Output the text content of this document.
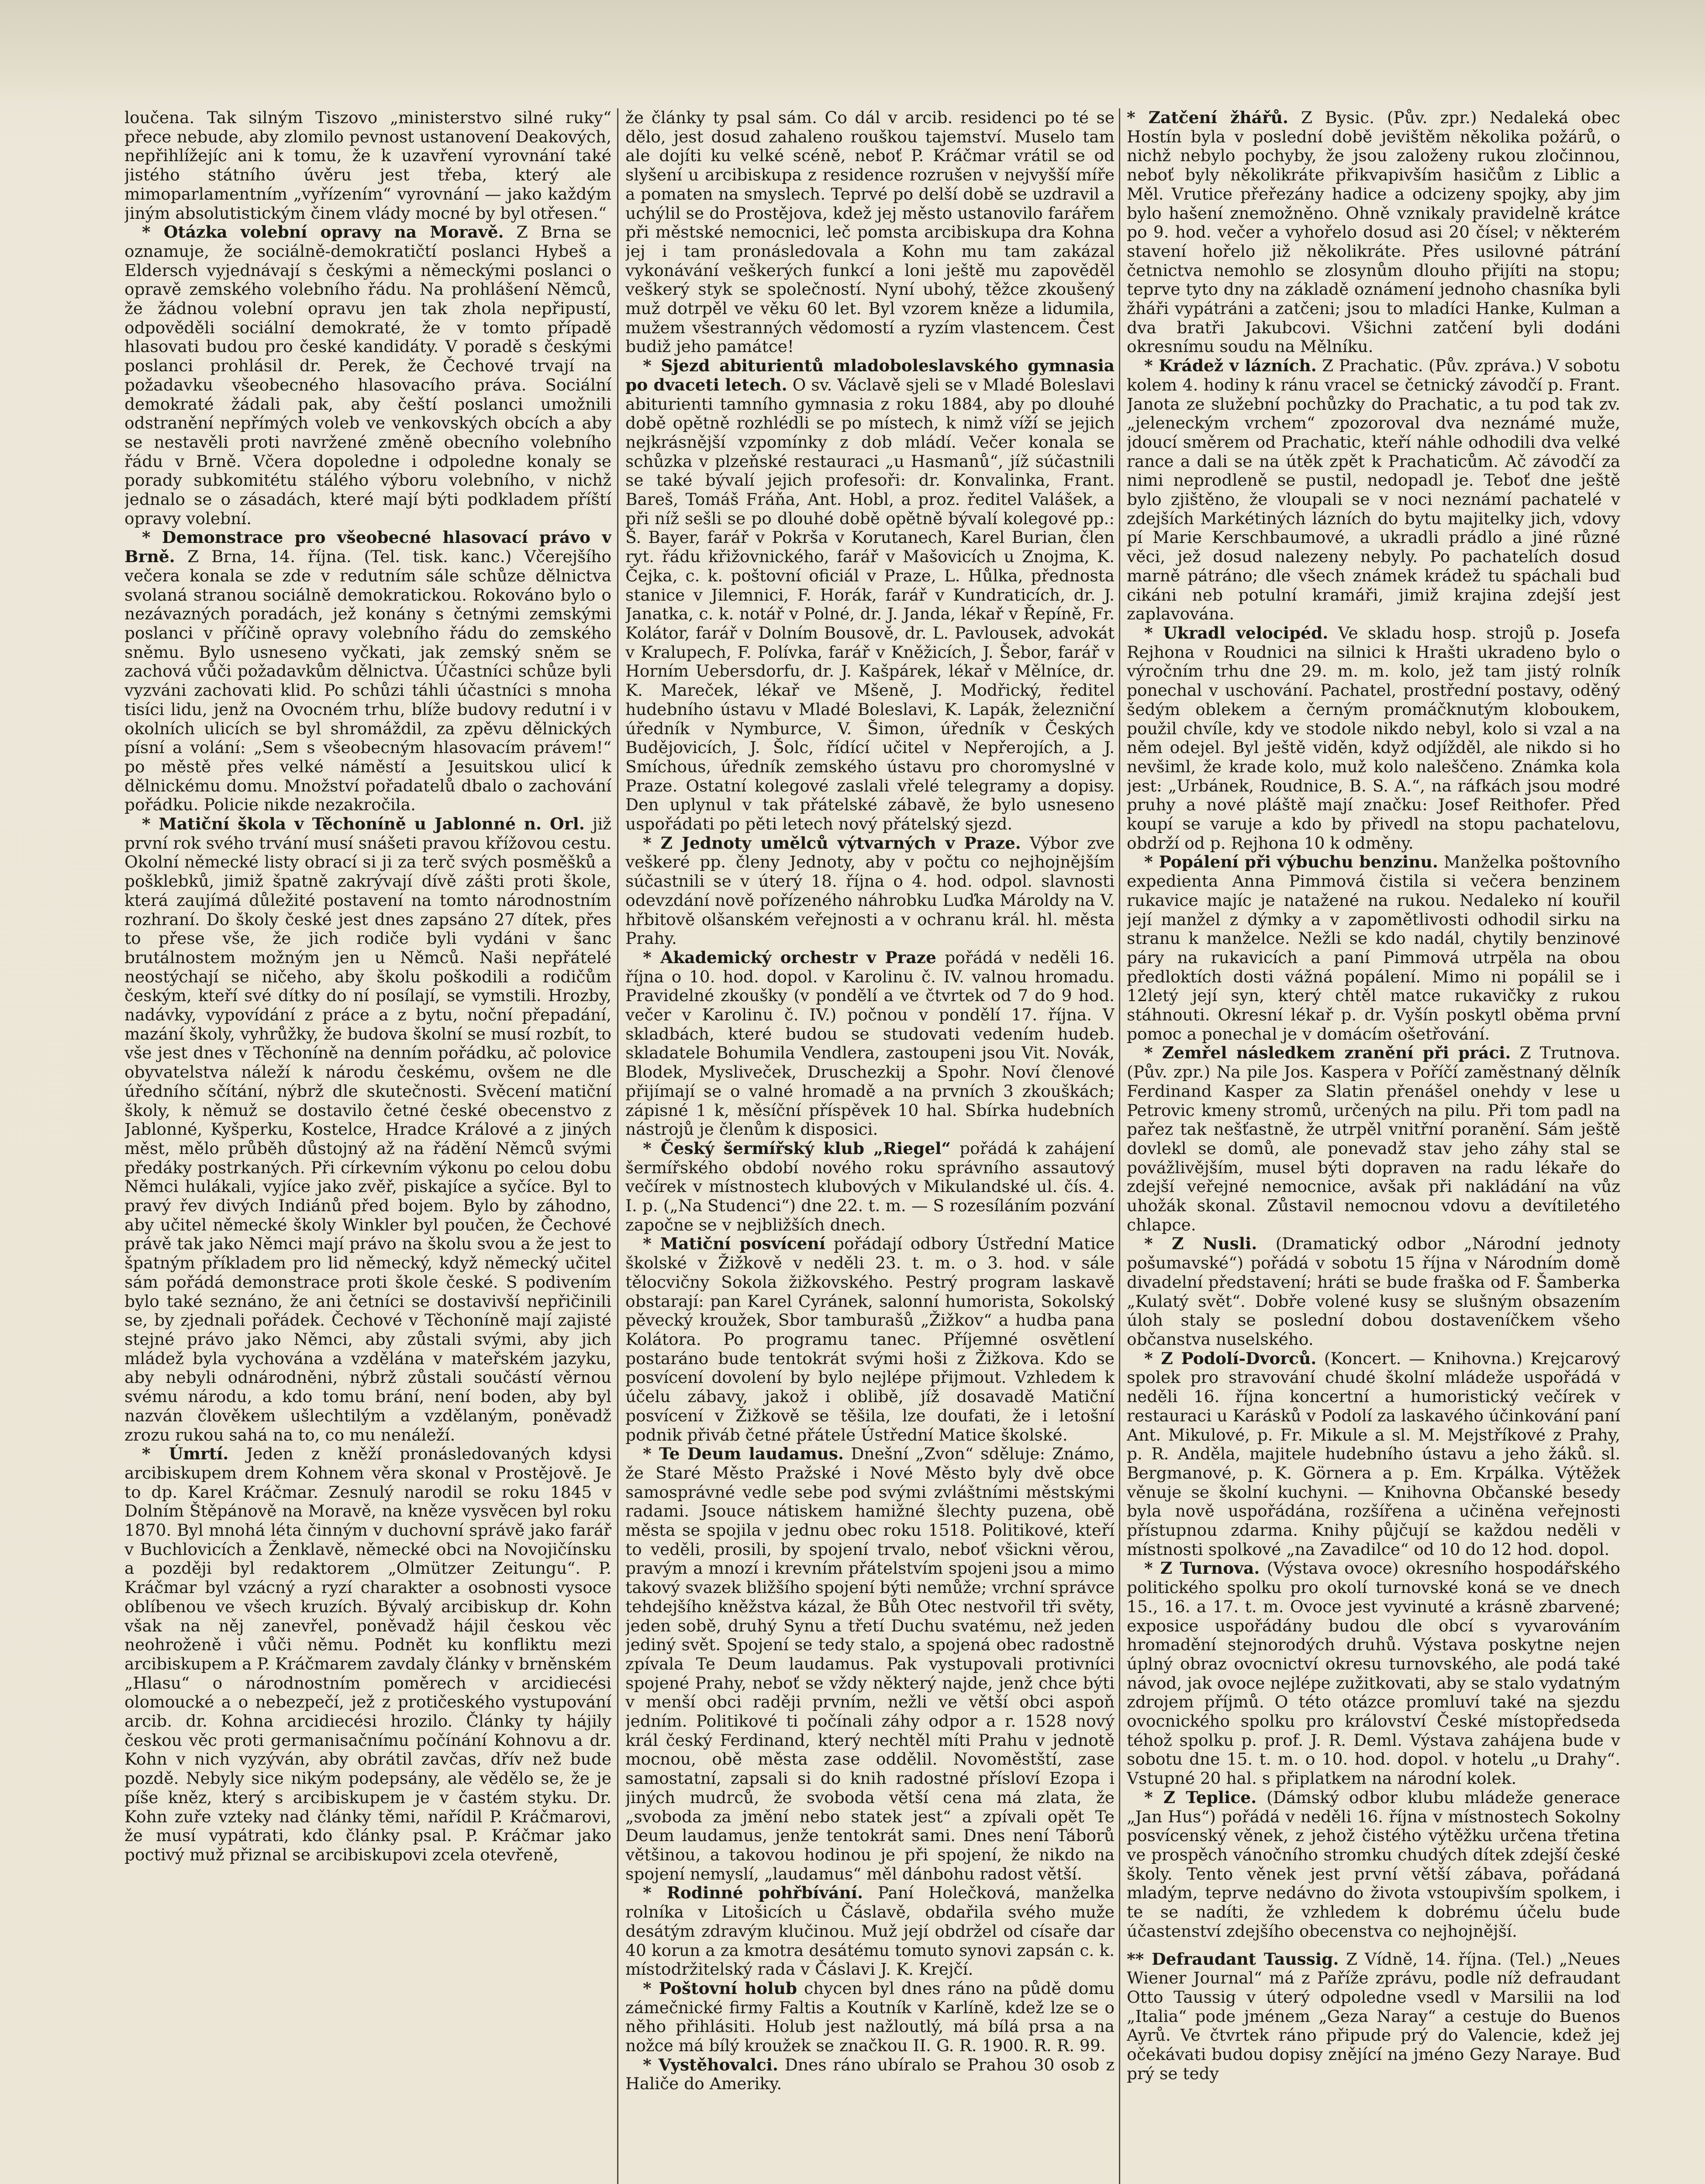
loučena. Tak silným Tiszovo „ministerstvo silné ruky“ přece nebude, aby zlomilo pevnost ustanovení Deakových, nepřihlížejíc ani k tomu, že k uzavření vyrovnání také jistého státního úvěru jest třeba, který ale mimoparlamentním „vyřízením“ vyrovnání — jako každým jiným absolutistickým činem vlády mocné by byl otřesen.“

* Otázka volební opravy na Moravě. Z Brna se oznamuje, že sociálně-demokratičtí poslanci Hybeš a Eldersch vyjednávají s českými a německými poslanci o opravě zemského volebního řádu. Na prohlášení Němců, že žádnou volební opravu jen tak zhola nepřipustí, odpověděli sociální demokraté, že v tomto případě hlasovati budou pro české kandidáty. V poradě s českými poslanci prohlásil dr. Perek, že Čechové trvají na požadavku všeobecného hlasovacího práva. Sociální demokraté žádali pak, aby čeští poslanci umožnili odstranění nepřímých voleb ve venkovských obcích a aby se nestavěli proti navržené změně obecního volebního řádu v Brně. Včera dopoledne i odpoledne konaly se porady subkomitétu stálého výboru volebního, v nichž jednalo se o zásadách, které mají býti podkladem příští opravy volební.

* Demonstrace pro všeobecné hlasovací právo v Brně. Z Brna, 14. října. (Tel. tisk. kanc.) Včerejšího večera konala se zde v redutním sále schůze dělnictva svolaná stranou sociálně demokratickou. Rokováno bylo o nezávazných poradách, jež konány s četnými zemskými poslanci v příčině opravy volebního řádu do zemského sněmu. Bylo usneseno vyčkati, jak zemský sněm se zachová vůči požadavkům dělnictva. Účastníci schůze byli vyzváni zachovati klid. Po schůzi táhli účastníci s mnoha tisíci lidu, jenž na Ovocném trhu, blíže budovy redutní i v okolních ulicích se byl shromáždil, za zpěvu dělnických písní a volání: „Sem s všeobecným hlasovacím právem!“ po městě přes velké náměstí a Jesuitskou ulicí k dělnickému domu. Množství pořadatelů dbalo o zachování pořádku. Policie nikde nezakročila.

* Matiční škola v Těchoníně u Jablonné n. Orl. již první rok svého trvání musí snášeti pravou křížovou cestu. Okolní německé listy obrací si ji za terč svých posměšků a pošklebků, jimiž špatně zakrývají dívě zášti proti škole, která zaujímá důležité postavení na tomto národnostním rozhraní. Do školy české jest dnes zapsáno 27 dítek, přes to přese vše, že jich rodiče byli vydáni v šanc brutálnostem možným jen u Němců. Naši nepřátelé neostýchají se ničeho, aby školu poškodili a rodičům českým, kteří své dítky do ní posílají, se vymstili. Hrozby, nadávky, vypovídání z práce a z bytu, noční přepadání, mazání školy, vyhrůžky, že budova školní se musí rozbít, to vše jest dnes v Těchoníně na denním pořádku, ač polovice obyvatelstva náleží k národu českému, ovšem ne dle úředního sčítání, nýbrž dle skutečnosti. Svěcení matiční školy, k němuž se dostavilo četné české obecenstvo z Jablonné, Kyšperku, Kostelce, Hradce Králové a z jiných měst, mělo průběh důstojný až na řádění Němců svými předáky postrkaných. Při církevním výkonu po celou dobu Němci hulákali, vyjíce jako zvěř, piskajíce a syčíce. Byl to pravý řev divých Indiánů před bojem. Bylo by záhodno, aby učitel německé školy Winkler byl poučen, že Čechové právě tak jako Němci mají právo na školu svou a že jest to špatným příkladem pro lid německý, když německý učitel sám pořádá demonstrace proti škole české. S podivením bylo také seznáno, že ani četníci se dostavivší nepřičinili se, by zjednali pořádek. Čechové v Těchoníně mají zajisté stejné právo jako Němci, aby zůstali svými, aby jich mládež byla vychována a vzdělána v mateřském jazyku, aby nebyli odnárodněni, nýbrž zůstali součástí věrnou svému národu, a kdo tomu brání, není boden, aby byl nazván člověkem ušlechtilým a vzdělaným, poněvadž zrozu rukou sahá na to, co mu nenáleží.

* Úmrtí. Jeden z kněží pronásledovaných kdysi arcibiskupem drem Kohnem věra skonal v Prostějově. Je to dp. Karel Kráčmar. Zesnulý narodil se roku 1845 v Dolním Štěpánově na Moravě, na kněze vysvěcen byl roku 1870. Byl mnohá léta činným v duchovní správě jako farář v Buchlovicích a Ženklavě, německé obci na Novojičínsku a později byl redaktorem „Olmützer Zeitungu“. P. Kráčmar byl vzácný a ryzí charakter a osobnosti vysoce oblíbenou ve všech kruzích. Bývalý arcibiskup dr. Kohn však na něj zanevřel, poněvadž hájil českou věc neohroženě i vůči němu. Podnět ku konfliktu mezi arcibiskupem a P. Kráčmarem zavdaly články v brněnském „Hlasu“ o národnostním poměrech v arcidiecési olomoucké a o nebezpečí, jež z protičeského vystupování arcib. dr. Kohna arcidiecési hrozilo. Články ty hájily českou věc proti germanisačnímu počínání Kohnovu a dr. Kohn v nich vyzýván, aby obrátil zavčas, dřív než bude pozdě. Nebyly sice nikým podepsány, ale vědělo se, že je píše kněz, který s arcibiskupem je v častém styku. Dr. Kohn zuře vzteky nad články těmi, nařídil P. Kráčmarovi, že musí vypátrati, kdo články psal. P. Kráčmar jako poctivý muž přiznal se arcibiskupovi zcela otevřeně,

že články ty psal sám. Co dál v arcib. residenci po té se dělo, jest dosud zahaleno rouškou tajemství. Muselo tam ale dojíti ku velké scéně, neboť P. Kráčmar vrátil se od slyšení u arcibiskupa z residence rozrušen v nejvyšší míře a pomaten na smyslech. Teprvé po delší době se uzdravil a uchýlil se do Prostějova, kdež jej město ustanovilo farářem při městské nemocnici, leč pomsta arcibiskupa drа Kohna jej i tam pronásledovala a Kohn mu tam zakázal vykonávání veškerých funkcí a loni ještě mu zapověděl veškerý styk se společností. Nyní ubohý, těžce zkoušený muž dotrpěl ve věku 60 let. Byl vzorem kněze a lidumila, mužem všestranných vědomostí a ryzím vlastencem. Čest budiž jeho památce!

* Sjezd abiturientů mladoboleslavského gymnasia po dvaceti letech. O sv. Václavě sjeli se v Mladé Boleslavi abiturienti tamního gymnasia z roku 1884, aby po dlouhé době opětně rozhlédli se po místech, k nimž víží se jejich nejkrásnější vzpomínky z dob mládí. Večer konala se schůzka v plzeňské restauraci „u Hasmanů“, jíž súčastnili se také bývalí jejich profesoři: dr. Konvalinka, Frant. Bareš, Tomáš Fráňa, Ant. Hobl, a proz. ředitel Valášek, a při níž sešli se po dlouhé době opětně bývalí kolegové pp.: Š. Bayer, farář v Pokrša v Korutanech, Karel Burian, člen ryt. řádu křižovnického, farář v Mašovicích u Znojma, K. Čejka, c. k. poštovní oficiál v Praze, L. Hůlka, přednosta stanice v Jilemnici, F. Horák, farář v Kundraticích, dr. J. Janatka, c. k. notář v Polné, dr. J. Janda, lékař v Řepíně, Fr. Kolátor, farář v Dolním Bousově, dr. L. Pavlousek, advokát v Kralupech, F. Polívka, farář v Kněžicích, J. Šebor, farář v Horním Uebersdorfu, dr. J. Kašpárek, lékař v Mělníce, dr. K. Mareček, lékař ve Mšeně, J. Modřický, ředitel hudebního ústavu v Mladé Boleslavi, K. Lapák, železniční úředník v Nymburce, V. Šimon, úředník v Českých Budějovicích, J. Šolc, řídící učitel v Nepřerojích, a J. Smíchous, úředník zemského ústavu pro choromyslné v Praze. Ostatní kolegové zaslali vřelé telegramy a dopisy. Den uplynul v tak přátelské zábavě, že bylo usneseno uspořádati po pěti letech nový přátelský sjezd.

* Z Jednoty umělců výtvarných v Praze. Výbor zve veškeré pp. členy Jednoty, aby v počtu co nejhojnějším súčastnili se v úterý 18. října o 4. hod. odpol. slavnosti odevzdání nově pořízeného náhrobku Luďka Mároldy na V. hřbitově olšanském veřejnosti a v ochranu král. hl. města Prahy.

* Akademický orchestr v Praze pořádá v neděli 16. října o 10. hod. dopol. v Karolinu č. IV. valnou hromadu. Pravidelné zkoušky (v pondělí a ve čtvrtek od 7 do 9 hod. večer v Karolinu č. IV.) počnou v pondělí 17. října. V skladbách, které budou se studovati vedením hudeb. skladatele Bohumila Vendlera, zastoupeni jsou Vit. Novák, Blodek, Mysliveček, Druschezkij a Spohr. Noví členové přijímají se o valné hromadě a na prvních 3 zkouškách; zápisné 1 k, měsíční příspěvek 10 hal. Sbírka hudebních nástrojů je členům k disposici.

* Český šermířský klub „Riegel“ pořádá k zahájení šermířského období nového roku správního assautový večírek v místnostech klubových v Mikulandské ul. čís. 4. I. p. („Na Studenci“) dne 22. t. m. — S rozesíláním pozvání započne se v nejbližších dnech.

* Matiční posvícení pořádají odbory Ústřední Matice školské v Žižkově v neděli 23. t. m. o 3. hod. v sále tělocvičny Sokola žižkovského. Pestrý program laskavě obstarají: pan Karel Cyránek, salonní humorista, Sokolský pěvecký kroužek, Sbor tamburašů „Žižkov“ a hudba pana Kolátora. Po programu tanec. Příjemné osvětlení postaráno bude tentokrát svými hoši z Žižkova. Kdo se posvícení dovolení by bylo nejlépe přijmout. Vzhledem k účelu zábavy, jakož i oblibě, jíž dosavadě Matiční posvícení v Žižkově se těšila, lze doufati, že i letošní podnik přiváb četné přátele Ústřední Matice školské.

* Te Deum laudamus. Dnešní „Zvon“ sděluje: Známo, že Staré Město Pražské i Nové Město byly dvě obce samosprávné vedle sebe pod svými zvláštními městskými radami. Jsouce nátiskem hamižné šlechty puzena, obě města se spojila v jednu obec roku 1518. Politikové, kteří to veděli, prosili, by spojení trvalo, neboť všickni věrou, pravým a mnozí i krevním přátelstvím spojeni jsou a mimo takový svazek bližšího spojení býti nemůže; vrchní správce tehdejšího kněžstva kázal, že Bůh Otec nestvořil tři světy, jeden sobě, druhý Synu a třetí Duchu svatému, než jeden jediný svět. Spojení se tedy stalo, a spojená obec radostně zpívala Te Deum laudamus. Pak vystupovali protivníci spojené Prahy, neboť se vždy některý najde, jenž chce býti v menší obci raději prvním, nežli ve větší obci aspoň jedním. Politikové ti počínali záhy odpor a r. 1528 nový král český Ferdinand, který nechtěl míti Prahu v jednotě mocnou, obě města zase oddělil. Novoměstští, zase samostatní, zapsali si do knih radostné přísloví Ezopa i jiných mudrců, že svoboda větší cena má zlata, že „svoboda za jmění nebo statek jest“ a zpívali opět Te Deum laudamus, jenže tentokrát sami. Dnes není Táborů většinou, a takovou hodinou je při spojení, že nikdo na spojení nemyslí, „laudamus“ měl dánbohu radost větší.

* Rodinné pohřbívání. Paní Holečková, manželka rolníka v Litošicích u Čáslavě, obdařila svého muže desátým zdravým klučinou. Muž její obdržel od císaře dar 40 korun a za kmotra desátému tomuto synovi zapsán c. k. místodržitelský rada v Čáslavi J. K. Krejčí.

* Poštovní holub chycen byl dnes ráno na půdě domu zámečnické firmy Faltis a Koutník v Karlíně, kdež lze se o něho přihlásiti. Holub jest nažloutlý, má bílá prsa a na nožce má bílý kroužek se značkou II. G. R. 1900. R. R. 99.

* Vystěhovalci. Dnes ráno ubíralo se Prahou 30 osob z Haliče do Ameriky.

* Zatčení žhářů. Z Bysic. (Pův. zpr.) Nedaleká obec Hostín byla v poslední době jevištěm několika požárů, o nichž nebylo pochyby, že jsou založeny rukou zločinnou, neboť byly několikráte přikvapivším hasičům z Liblic a Měl. Vrutice přeřezány hadice a odcizeny spojky, aby jim bylo hašení znemožněno. Ohně vznikaly pravidelně krátce po 9. hod. večer a vyhořelo dosud asi 20 čísel; v některém stavení hořelo již několikráte. Přes usilovné pátrání četnictva nemohlo se zlosynům dlouho přijíti na stopu; teprve tyto dny na základě oznámení jednoho chasníka byli žháři vypátráni a zatčeni; jsou to mladíci Hanke, Kulman a dva bratři Jakubcovi. Všichni zatčení byli dodáni okresnímu soudu na Mělníku.

* Krádež v lázních. Z Prachatic. (Pův. zpráva.) V sobotu kolem 4. hodiny k ránu vracel se četnický závodčí p. Frant. Janota ze služební pochůzky do Prachatic, a tu pod tak zv. „jeleneckým vrchem“ zpozoroval dva neznámé muže, jdoucí směrem od Prachatic, kteří náhle odhodili dva velké rance a dali se na útěk zpět k Prachaticům. Ač závodčí za nimi neprodleně se pustil, nedopadl je. Teboť dne ještě bylo zjištěno, že vloupali se v noci neznámí pachatelé v zdejších Markétiných lázních do bytu majitelky jich, vdovy pí Marie Kerschbaumové, a ukradli prádlo a jiné různé věci, jež dosud nalezeny nebyly. Po pachatelích dosud marně pátráno; dle všech známek krádež tu spáchali buď cikáni neb potulní kramáři, jimiž krajina zdejší jest zaplavována.

* Ukradl velocipéd. Ve skladu hosp. strojů p. Josefa Rejhona v Roudnici na silnici k Hrašti ukradeno bylo o výročním trhu dne 29. m. m. kolo, jež tam jistý rolník ponechal v uschování. Pachatel, prostřední postavy, oděný šedým oblekem a černým promáčknutým kloboukem, použil chvíle, kdy ve stodole nikdo nebyl, kolo si vzal a na něm odejel. Byl ještě viděn, když odjížděl, ale nikdo si ho nevšiml, že krade kolo, muž kolo naleščeno. Známka kola jest: „Urbánek, Roudnice, B. S. A.“, na ráfkách jsou modré pruhy a nové pláště mají značku: Josef Reithofer. Před koupí se varuje a kdo by přivedl na stopu pachatelovu, obdrží od p. Rejhona 10 k odměny.

* Popálení při výbuchu benzinu. Manželka poštovního expedienta Anna Pimmová čistila si večera benzinem rukavice majíc je natažené na rukou. Nedaleko ní kouřil její manžel z dýmky a v zapomětlivosti odhodil sirku na stranu k manželce. Nežli se kdo nadál, chytily benzinové páry na rukavicích a paní Pimmová utrpěla na obou předloktích dosti vážná popálení. Mimo ni popálil se i 12letý její syn, který chtěl matce rukavičky z rukou stáhnouti. Okresní lékař p. dr. Vyšín poskytl oběma první pomoc a ponechal je v domácím ošetřování.

* Zemřel následkem zranění při práci. Z Trutnova. (Pův. zpr.) Na pile Jos. Kaspera v Poříčí zaměstnaný dělník Ferdinand Kasper za Slatin přenášel onehdy v lese u Petrovic kmeny stromů, určených na pilu. Při tom padl na pařez tak nešťastně, že utrpěl vnitřní poranění. Sám ještě dovlekl se domů, ale ponevadž stav jeho záhy stal se povážlivějším, musel býti dopraven na radu lékaře do zdejší veřejné nemocnice, avšak při nakládání na vůz uhožák skonal. Zůstavil nemocnou vdovu a devítiletého chlapce.

* Z Nusli. (Dramatický odbor „Národní jednoty pošumavské“) pořádá v sobotu 15 října v Národním domě divadelní představení; hráti se bude fraška od F. Šamberka „Kulatý svět“. Dobře volené kusy se slušným obsazením úloh staly se poslední dobou dostaveníčkem všeho občanstva nuselského.

* Z Podolí-Dvorců. (Koncert. — Knihovna.) Krejcarový spolek pro stravování chudé školní mládeže uspořádá v neděli 16. října koncertní a humoristický večírek v restauraci u Karásků v Podolí za laskavého účinkování paní Ant. Mikulové, p. Fr. Mikule a sl. M. Mejstříkové z Prahy, p. R. Anděla, majitele hudebního ústavu a jeho žáků. sl. Bergmanové, p. K. Görnera a p. Em. Krpálka. Výtěžek věnuje se školní kuchyni. — Knihovna Občanské besedy byla nově uspořádána, rozšířena a učiněna veřejnosti přístupnou zdarma. Knihy půjčují se každou neděli v místnosti spolkové „na Zavadilce“ od 10 do 12 hod. dopol.

* Z Turnova. (Výstava ovoce) okresního hospodářského politického spolku pro okolí turnovské koná se ve dnech 15., 16. a 17. t. m. Ovoce jest vyvinuté a krásně zbarvené; exposice uspořádány budou dle obcí s vyvarováním hromadění stejnorodých druhů. Výstava poskytne nejen úplný obraz ovocnictví okresu turnovského, ale podá také návod, jak ovoce nejlépe zužitkovati, aby se stalo vydatným zdrojem příjmů. O této otázce promluví také na sjezdu ovocnického spolku pro království České místopředseda téhož spolku p. prof. J. R. Deml. Výstava zahájena bude v sobotu dne 15. t. m. o 10. hod. dopol. v hotelu „u Drahy“. Vstupné 20 hal. s připlatkem na národní kolek.

* Z Teplice. (Dámský odbor klubu mládeže generace „Jan Hus“) pořádá v neděli 16. října v místnostech Sokolny posvícenský věnek, z jehož čistého výtěžku určena třetina ve prospěch vánočního stromku chudých dítek zdejší české školy. Tento věnek jest první větší zábava, pořádaná mladým, teprve nedávno do života vstoupivším spolkem, i te se nadíti, že vzhledem k dobrému účelu bude účastenství zdejšího obecenstva co nejhojnější.

** Defraudant Taussig. Z Vídně, 14. října. (Tel.) „Neues Wiener Journal“ má z Paříže zprávu, podle níž defraudant Otto Taussig v úterý odpoledne vsedl v Marsilii na loď „Italia“ pode jménem „Geza Naray“ a cestuje do Buenos Ayrů. Ve čtvrtek ráno připude prý do Valencie, kdež jej očekávati budou dopisy znějící na jméno Gezy Naraye. Buď prý se tedy
